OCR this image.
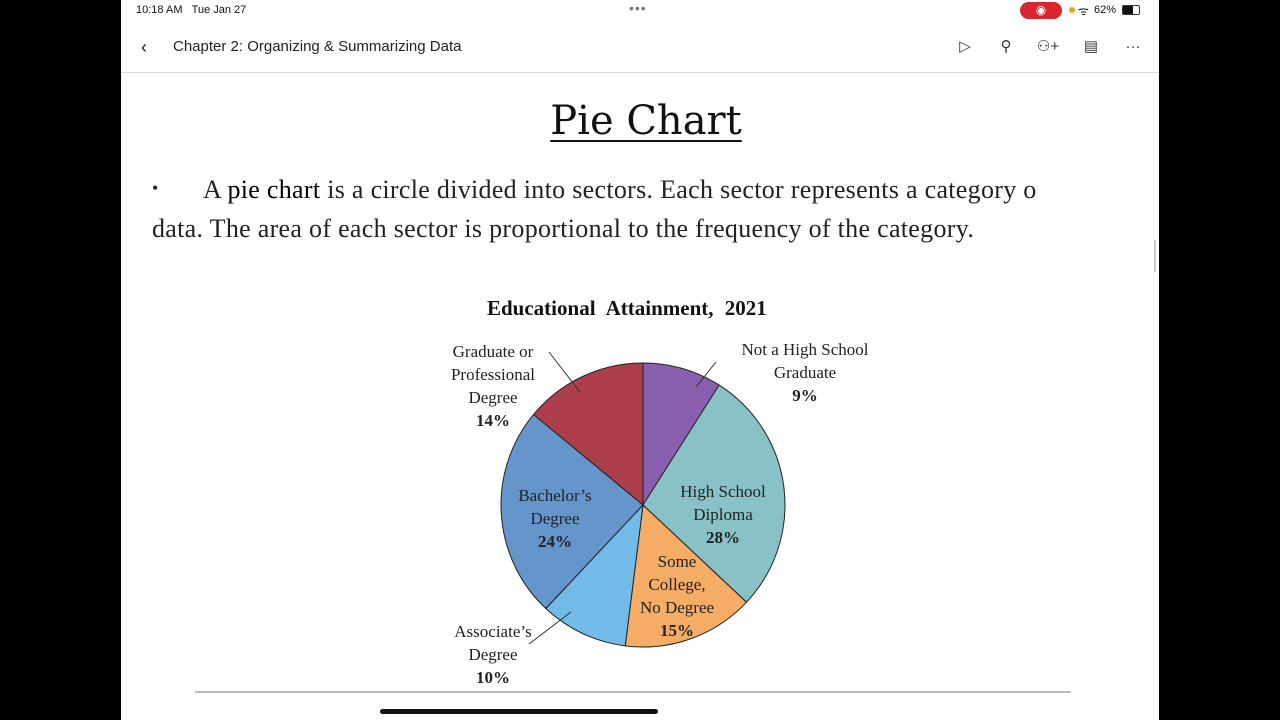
10:18 AM Tue Jan 27	•••	◉	ᯤ 62%
‹ Chapter 2: Organizing & Summarizing Data	▷	⚲	⚇+	▤	···
Pie Chart
• A pie chart is a circle divided into sectors. Each sector represents a category o
data. The area of each sector is proportional to the frequency of the category.
Educational Attainment, 2021
Not a High School
Graduate
9%
High School
Diploma
28%
Some
College,
No Degree
15%
Associate’s
Degree
10%
Bachelor’s
Degree
24%
Graduate or
Professional
Degree
14%
